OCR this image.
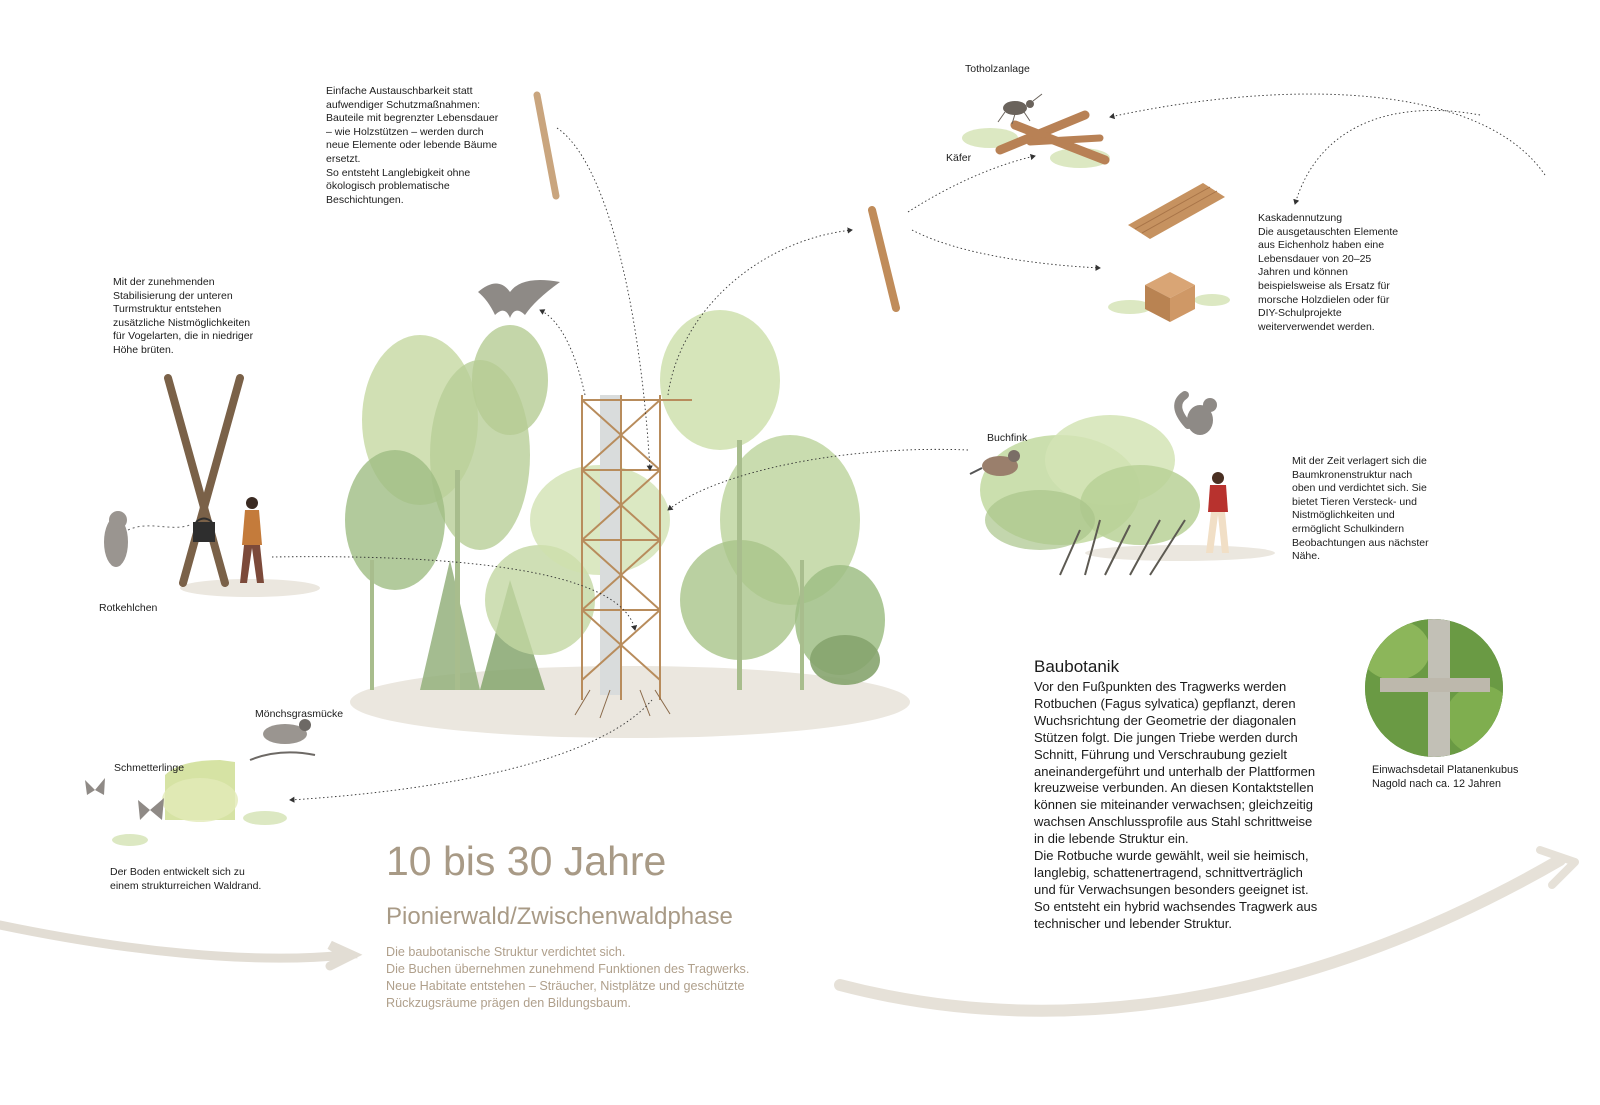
Einfache Austauschbarkeit statt
aufwendiger Schutzmaßnahmen:
Bauteile mit begrenzter Lebensdauer
– wie Holzstützen – werden durch
neue Elemente oder lebende Bäume
ersetzt.
So entsteht Langlebigkeit ohne
ökologisch problematische
Beschichtungen.
Mit der zunehmenden
Stabilisierung der unteren
Turmstruktur entstehen
zusätzliche Nistmöglichkeiten
für Vogelarten, die in niedriger
Höhe brüten.
Kaskadennutzung
Die ausgetauschten Elemente
aus Eichenholz haben eine
Lebensdauer von 20–25
Jahren und können
beispielsweise als Ersatz für
morsche Holzdielen oder für
DIY-Schulprojekte
weiterverwendet werden.
Mit der Zeit verlagert sich die
Baumkronenstruktur nach
oben und verdichtet sich. Sie
bietet Tieren Versteck- und
Nistmöglichkeiten und
ermöglicht Schulkindern
Beobachtungen aus nächster
Nähe.
Der Boden entwickelt sich zu
einem strukturreichen Waldrand.
Totholzanlage
Käfer
Buchfink
Rotkehlchen
Mönchsgrasmücke
Schmetterlinge
10 bis 30 Jahre
Pionierwald/Zwischenwaldphase
Die baubotanische Struktur verdichtet sich.
Die Buchen übernehmen zunehmend Funktionen des Tragwerks.
Neue Habitate entstehen – Sträucher, Nistplätze und geschützte
Rückzugsräume prägen den Bildungsbaum.
Baubotanik
Vor den Fußpunkten des Tragwerks werden
Rotbuchen (Fagus sylvatica) gepflanzt, deren
Wuchsrichtung der Geometrie der diagonalen
Stützen folgt. Die jungen Triebe werden durch
Schnitt, Führung und Verschraubung gezielt
aneinandergeführt und unterhalb der Plattformen
kreuzweise verbunden. An diesen Kontaktstellen
können sie miteinander verwachsen; gleichzeitig
wachsen Anschlussprofile aus Stahl schrittweise
in die lebende Struktur ein.
Die Rotbuche wurde gewählt, weil sie heimisch,
langlebig, schattenertragend, schnittverträglich
und für Verwachsungen besonders geeignet ist.
So entsteht ein hybrid wachsendes Tragwerk aus
technischer und lebender Struktur.
Einwachsdetail Platanenkubus
Nagold nach ca. 12 Jahren
